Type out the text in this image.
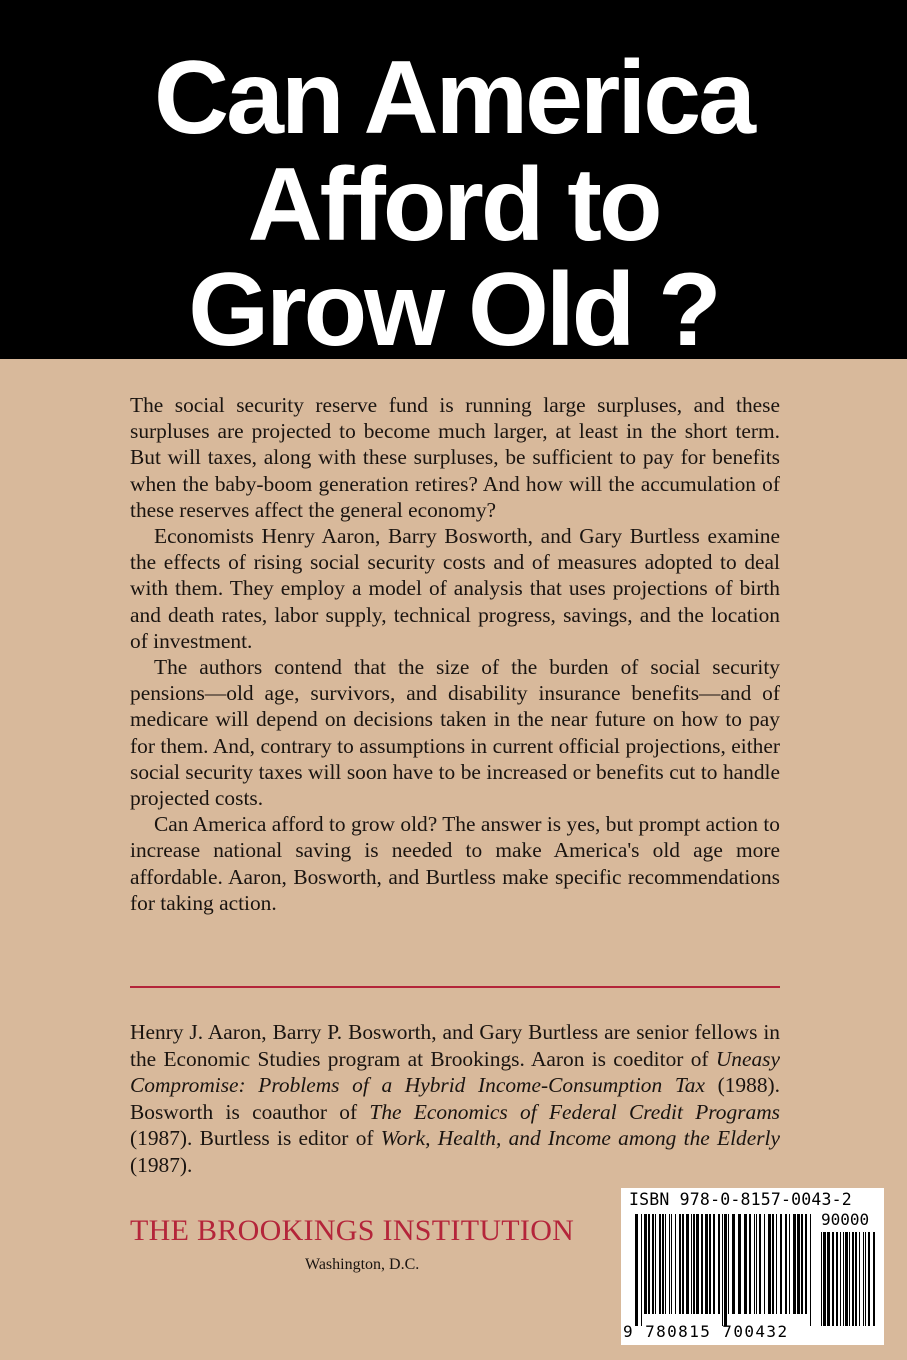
Can America
Afford to
Grow Old ?

The social security reserve fund is running large surpluses, and these surpluses are projected to become much larger, at least in the short term. But will taxes, along with these surpluses, be sufficient to pay for benefits when the baby-boom generation retires? And how will the accumulation of these reserves affect the general economy?

Economists Henry Aaron, Barry Bosworth, and Gary Burtless examine the effects of rising social security costs and of measures adopted to deal with them. They employ a model of analysis that uses projections of birth and death rates, labor supply, technical progress, savings, and the location of investment.

The authors contend that the size of the burden of social security pensions—old age, survivors, and disability insurance benefits—and of medicare will depend on decisions taken in the near future on how to pay for them. And, contrary to assumptions in current official projections, either social security taxes will soon have to be increased or benefits cut to handle projected costs.

Can America afford to grow old? The answer is yes, but prompt action to increase national saving is needed to make America's old age more affordable. Aaron, Bosworth, and Burtless make specific recommendations for taking action.

Henry J. Aaron, Barry P. Bosworth, and Gary Burtless are senior fellows in the Economic Studies program at Brookings. Aaron is coeditor of Uneasy Compromise: Problems of a Hybrid Income-Consumption Tax (1988). Bosworth is coauthor of The Economics of Federal Credit Programs (1987). Burtless is editor of Work, Health, and Income among the Elderly (1987).

THE BROOKINGS INSTITUTION
Washington, D.C.
ISBN 978-0-8157-0043-2
90000
9 780815 700432
